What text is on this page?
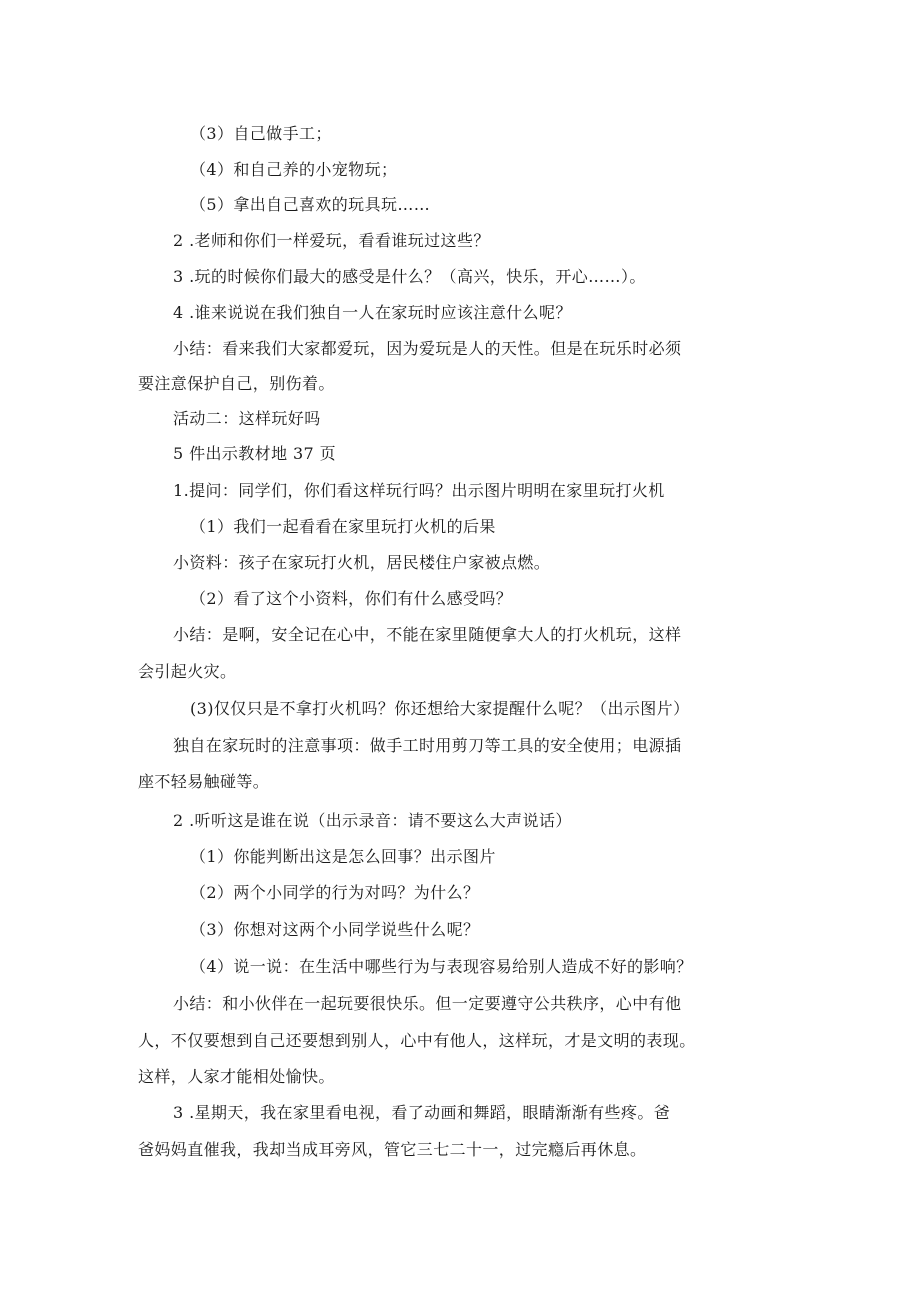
（3）自己做手工；
（4）和自己养的小宠物玩；
（5）拿出自己喜欢的玩具玩……
2 .老师和你们一样爱玩，看看谁玩过这些？
3 .玩的时候你们最大的感受是什么？（高兴，快乐，开心……）。
4 .谁来说说在我们独自一人在家玩时应该注意什么呢？
小结：看来我们大家都爱玩，因为爱玩是人的天性。但是在玩乐时必须
要注意保护自己，别伤着。
活动二：这样玩好吗
5 件出示教材地 37 页
1.提问：同学们，你们看这样玩行吗？出示图片明明在家里玩打火机
（1）我们一起看看在家里玩打火机的后果
小资料：孩子在家玩打火机，居民楼住户家被点燃。
（2）看了这个小资料，你们有什么感受吗？
小结：是啊，安全记在心中，不能在家里随便拿大人的打火机玩，这样
会引起火灾。
(3)仅仅只是不拿打火机吗？你还想给大家提醒什么呢？（出示图片）
独自在家玩时的注意事项：做手工时用剪刀等工具的安全使用；电源插
座不轻易触碰等。
2 .听听这是谁在说（出示录音：请不要这么大声说话）
（1）你能判断出这是怎么回事？出示图片
（2）两个小同学的行为对吗？为什么？
（3）你想对这两个小同学说些什么呢？
（4）说一说：在生活中哪些行为与表现容易给别人造成不好的影响？
小结：和小伙伴在一起玩要很快乐。但一定要遵守公共秩序，心中有他
人，不仅要想到自己还要想到别人，心中有他人，这样玩，才是文明的表现。
这样，人家才能相处愉快。
3 .星期天，我在家里看电视，看了动画和舞蹈，眼睛渐渐有些疼。爸
爸妈妈直催我，我却当成耳旁风，管它三七二十一，过完瘾后再休息。
